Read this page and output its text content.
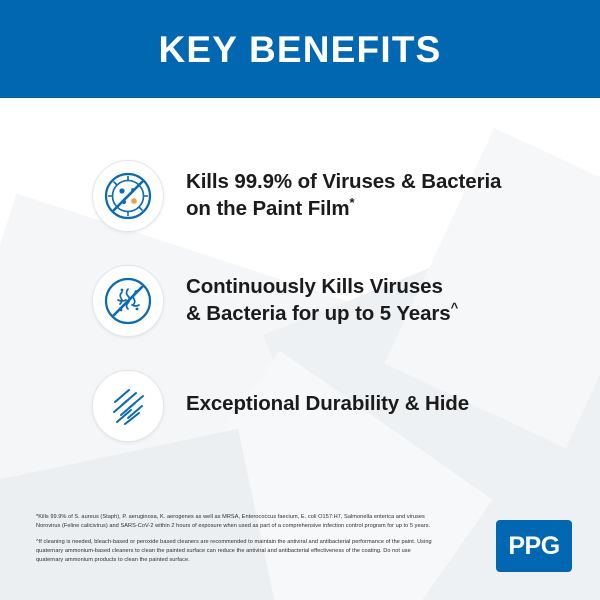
KEY BENEFITS
Kills 99.9% of Viruses & Bacteria
on the Paint Film*
Continuously Kills Viruses
& Bacteria for up to 5 Years^
Exceptional Durability & Hide
*Kills 99.9% of S. aureus (Staph), P. aeruginosa, K. aerogenes as well as MRSA, Enterococcus faecium, E. coli O157:H7, Salmonella enterica and viruses Norovirus (Feline calicivirus) and SARS-CoV-2 within 2 hours of exposure when used as part of a comprehensive infection control program for up to 5 years.
^If cleaning is needed, bleach-based or peroxide based cleaners are recommended to maintain the antiviral and antibacterial performance of the paint. Using quaternary ammonium-based cleaners to clean the painted surface can reduce the antiviral and antibacterial effectiveness of the coating. Do not use quaternary ammonium products to clean the painted surface.
PPG
